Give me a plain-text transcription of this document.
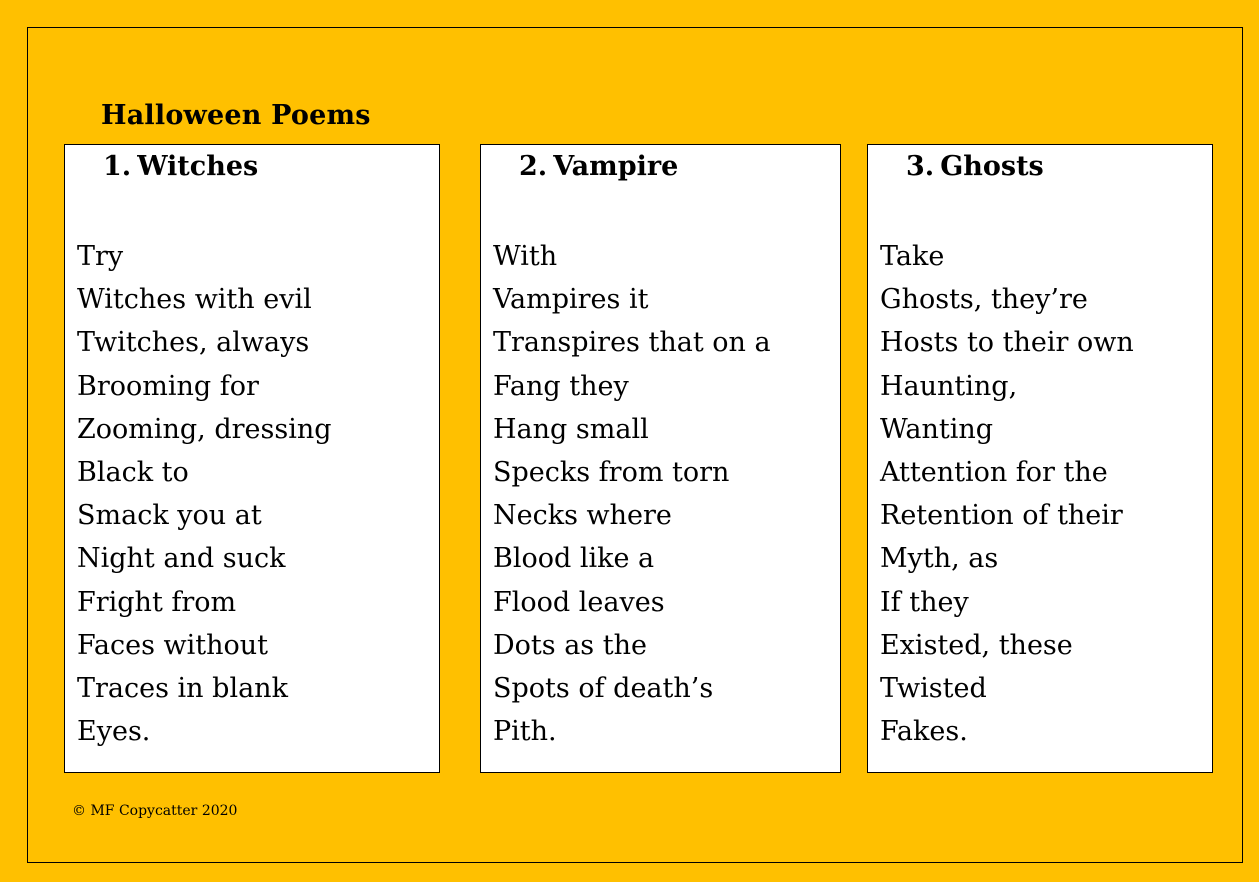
Halloween Poems
1. Witches
Try
Witches with evil
Twitches, always
Brooming for
Zooming, dressing
Black to
Smack you at
Night and suck
Fright from
Faces without
Traces in blank
Eyes.
2. Vampire
With
Vampires it
Transpires that on a
Fang they
Hang small
Specks from torn
Necks where
Blood like a
Flood leaves
Dots as the
Spots of death’s
Pith.
3. Ghosts
Take
Ghosts, they’re
Hosts to their own
Haunting,
Wanting
Attention for the
Retention of their
Myth, as
If they
Existed, these
Twisted
Fakes.
© MF Copycatter 2020
